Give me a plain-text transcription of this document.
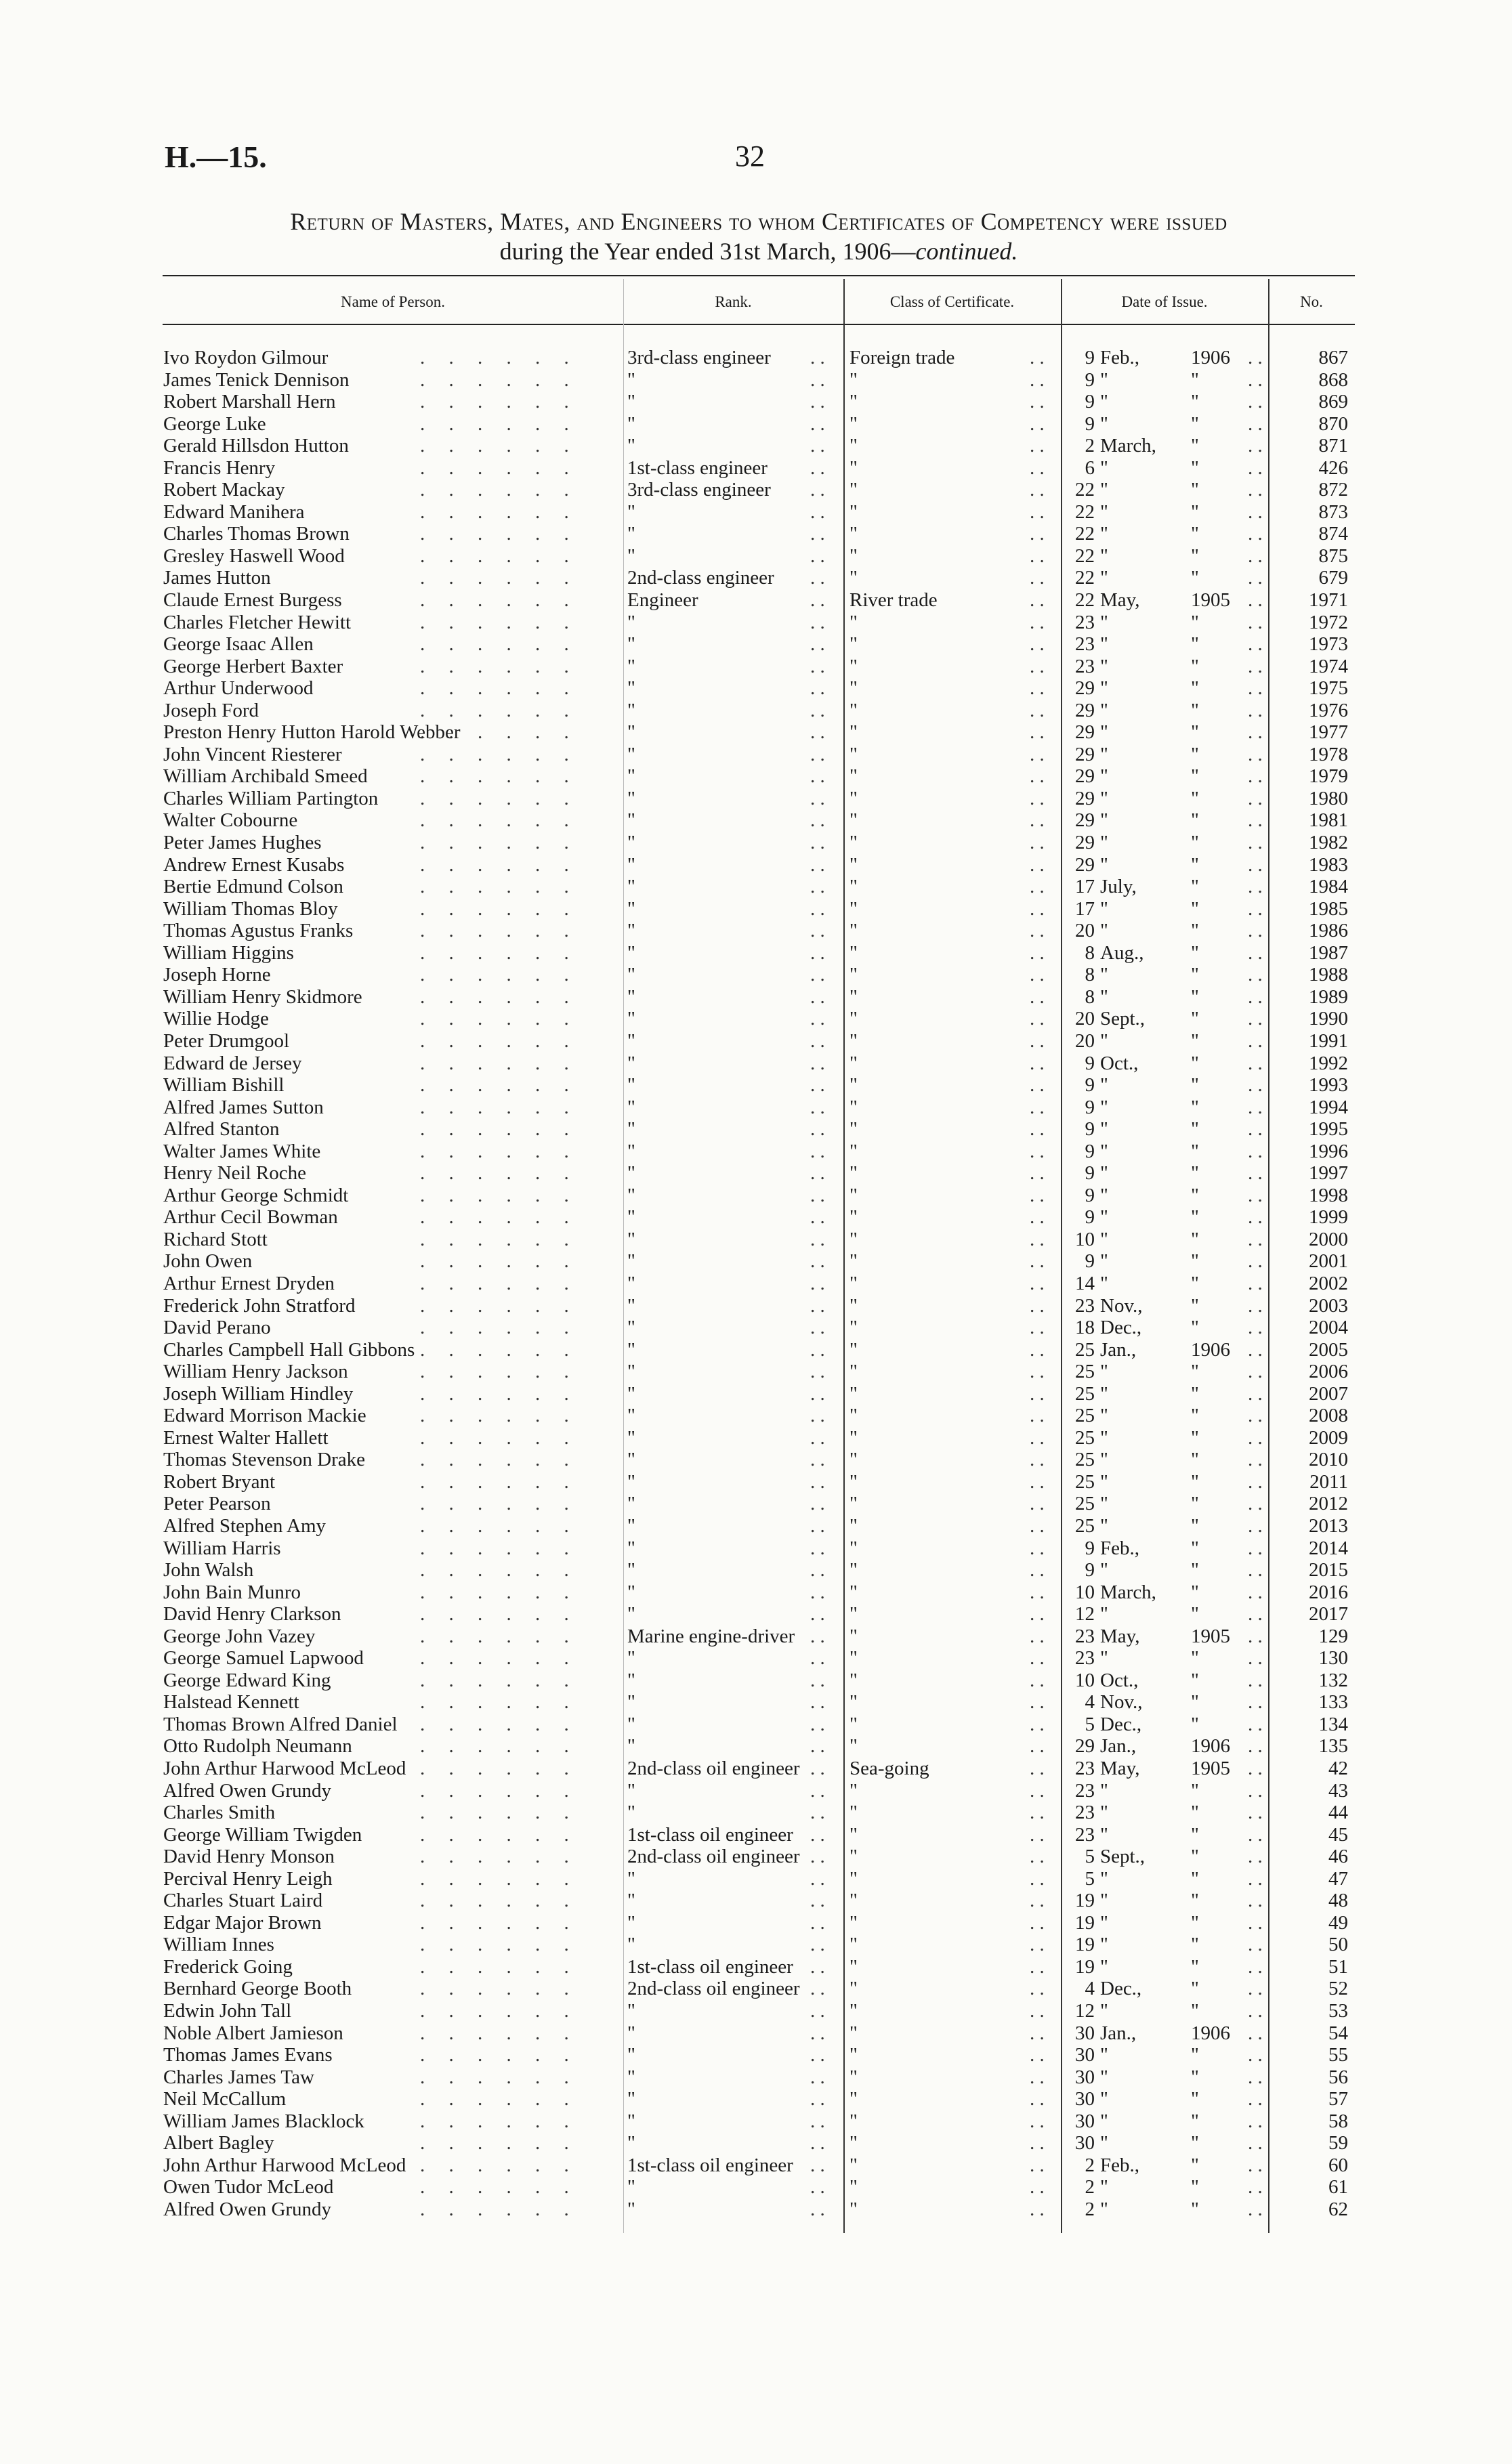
H.—15.	32
Return of Masters, Mates, and Engineers to whom Certificates of Competency were issued
during the Year ended 31st March, 1906—continued.
Name of Person.	Rank.	Class of Certificate.	Date of Issue.	No.
. . . . . .	. .	. .	. .
Ivo Roydon Gilmour	3rd-class engineer	Foreign trade	9 Feb.,	1906	867
. . . . . .	. .	. .	. .
James Tenick Dennison	"	"	9 "	"	868
. . . . . .	. .	. .	. .
Robert Marshall Hern	"	"	9 "	"	869
. . . . . .	. .	. .	. .
George Luke	"	"	9 "	"	870
. . . . . .	. .	. .	. .
Gerald Hillsdon Hutton	"	"	2 March, "	871
. . . . . .	. .	. .	. .
Francis Henry	1st-class engineer	"	6 "	"	426
. . . . . .	. .	. .	. .
Robert Mackay	3rd-class engineer	"	22 "	"	872
. . . . . .	. .	. .	. .
Edward Manihera	"	"	22 "	"	873
. . . . . .	. .	. .	. .
Charles Thomas Brown	"	"	22 "	"	874
. . . . . .	. .	. .	. .
Gresley Haswell Wood	"	"	22 "	"	875
. . . . . .	. .	. .	. .
James Hutton	2nd-class engineer	"	22 "	"	679
. . . . . .	. .	. .	. .
Claude Ernest Burgess	Engineer	River trade	22 May,	1905	1971
. . . . . .	. .	. .	. .
Charles Fletcher Hewitt	"	"	23 "	"	1972
. . . . . .	. .	. .	. .
George Isaac Allen	"	"	23 "	"	1973
. . . . . .	. .	. .	. .
George Herbert Baxter	"	"	23 "	"	1974
. . . . . .	. .	. .	. .
Arthur Underwood	"	"	29 "	"	1975
. . . . . .	. .	. .	. .
Joseph Ford	"	"	29 "	"	1976
. . . . . .	. .	. .	. .
Preston Henry Hutton Harold Webber	"	"	29 "	"	1977
. . . . . .	. .	. .	. .
John Vincent Riesterer	"	"	29 "	"	1978
. . . . . .	. .	. .	. .
William Archibald Smeed	"	"	29 "	"	1979
. . . . . .	. .	. .	. .
Charles William Partington	"	"	29 "	"	1980
. . . . . .	. .	. .	. .
Walter Cobourne	"	"	29 "	"	1981
. . . . . .	. .	. .	. .
Peter James Hughes	"	"	29 "	"	1982
. . . . . .	. .	. .	. .
Andrew Ernest Kusabs	"	"	29 "	"	1983
. . . . . .	. .	. .	. .
Bertie Edmund Colson	"	"	17 July,	"	1984
. . . . . .	. .	. .	. .
William Thomas Bloy	"	"	17 "	"	1985
. . . . . .	. .	. .	. .
Thomas Agustus Franks	"	"	20 "	"	1986
. . . . . .	. .	. .	. .
William Higgins	"	"	8 Aug., "	1987
. . . . . .	. .	. .	. .
Joseph Horne	"	"	8 "	"	1988
. . . . . .	. .	. .	. .
William Henry Skidmore	"	"	8 "	"	1989
. . . . . .	. .	. .	. .
Willie Hodge	"	"	20 Sept., "	1990
. . . . . .	. .	. .	. .
Peter Drumgool	"	"	20 "	"	1991
. . . . . .	. .	. .	. .
Edward de Jersey	"	"	9 Oct.,	"	1992
. . . . . .	. .	. .	. .
William Bishill	"	"	9 "	"	1993
. . . . . .	. .	. .	. .
Alfred James Sutton	"	"	9 "	"	1994
. . . . . .	. .	. .	. .
Alfred Stanton	"	"	9 "	"	1995
. . . . . .	. .	. .	. .
Walter James White	"	"	9 "	"	1996
. . . . . .	. .	. .	. .
Henry Neil Roche	"	"	9 "	"	1997
. . . . . .	. .	. .	. .
Arthur George Schmidt	"	"	9 "	"	1998
. . . . . .	. .	. .	. .
Arthur Cecil Bowman	"	"	9 "	"	1999
. . . . . .	. .	. .	. .
Richard Stott	"	"	10 "	"	2000
. . . . . .	. .	. .	. .
John Owen	"	"	9 "	"	2001
. . . . . .	. .	. .	. .
Arthur Ernest Dryden	"	"	14 "	"	2002
. . . . . .	. .	. .	. .
Frederick John Stratford	"	"	23 Nov., "	2003
. . . . . .	. .	. .	. .
David Perano	"	"	18 Dec.,	"	2004
. . . . . .	. .	. .	. .
Charles Campbell Hall Gibbons	"	"	25 Jan.,	1906	2005
. . . . . .	. .	. .	. .
William Henry Jackson	"	"	25 "	"	2006
. . . . . .	. .	. .	. .
Joseph William Hindley	"	"	25 "	"	2007
. . . . . .	. .	. .	. .
Edward Morrison Mackie	"	"	25 "	"	2008
. . . . . .	. .	. .	. .
Ernest Walter Hallett	"	"	25 "	"	2009
. . . . . .	. .	. .	. .
Thomas Stevenson Drake	"	"	25 "	"	2010
. . . . . .	. .	. .	. .
Robert Bryant	"	"	25 "	"	2011
. . . . . .	. .	. .	. .
Peter Pearson	"	"	25 "	"	2012
. . . . . .	. .	. .	. .
Alfred Stephen Amy	"	"	25 "	"	2013
. . . . . .	. .	. .	. .
William Harris	"	"	9 Feb.,	"	2014
. . . . . .	. .	. .	. .
John Walsh	"	"	9 "	"	2015
. . . . . .	. .	. .	. .
John Bain Munro	"	"	10 March, "	2016
. . . . . .	. .	. .	. .
David Henry Clarkson	"	"	12 "	"	2017
. . . . . .	. .	. .	. .
George John Vazey	Marine engine-driver	"	23 May,	1905	129
. . . . . .	. .	. .	. .
George Samuel Lapwood	"	"	23 "	"	130
. . . . . .	. .	. .	. .
George Edward King	"	"	10 Oct.,	"	132
. . . . . .	. .	. .	. .
Halstead Kennett	"	"	4 Nov., "	133
. . . . . .	. .	. .	. .
Thomas Brown Alfred Daniel	"	"	5 Dec.,	"	134
. . . . . .	. .	. .	. .
Otto Rudolph Neumann	"	"	29 Jan.,	1906	135
. . . . . .	. .	. .	. .
John Arthur Harwood McLeod	2nd-class oil engineer	Sea-going	23 May,	1905	42
. . . . . .	. .	. .	. .
Alfred Owen Grundy	"	"	23 "	"	43
. . . . . .	. .	. .	. .
Charles Smith	"	"	23 "	"	44
. . . . . .	. .	. .	. .
George William Twigden	1st-class oil engineer	"	23 "	"	45
. . . . . .	. .	. .	. .
David Henry Monson	2nd-class oil engineer	"	5 Sept., "	46
. . . . . .	. .	. .	. .
Percival Henry Leigh	"	"	5 "	"	47
. . . . . .	. .	. .	. .
Charles Stuart Laird	"	"	19 "	"	48
. . . . . .	. .	. .	. .
Edgar Major Brown	"	"	19 "	"	49
. . . . . .	. .	. .	. .
William Innes	"	"	19 "	"	50
. . . . . .	. .	. .	. .
Frederick Going	1st-class oil engineer	"	19 "	"	51
. . . . . .	. .	. .	. .
Bernhard George Booth	2nd-class oil engineer	"	4 Dec.,	"	52
. . . . . .	. .	. .	. .
Edwin John Tall	"	"	12 "	"	53
. . . . . .	. .	. .	. .
Noble Albert Jamieson	"	"	30 Jan.,	1906	54
. . . . . .	. .	. .	. .
Thomas James Evans	"	"	30 "	"	55
. . . . . .	. .	. .	. .
Charles James Taw	"	"	30 "	"	56
. . . . . .	. .	. .	. .
Neil McCallum	"	"	30 "	"	57
. . . . . .	. .	. .	. .
William James Blacklock	"	"	30 "	"	58
. . . . . .	. .	. .	. .
Albert Bagley	"	"	30 "	"	59
. . . . . .	. .	. .	. .
John Arthur Harwood McLeod	1st-class oil engineer	"	2 Feb.,	"	60
. . . . . .	. .	. .	. .
Owen Tudor McLeod	"	"	2 "	"	61
. . . . . .	. .	. .	. .
Alfred Owen Grundy	"	"	2 "	"	62
